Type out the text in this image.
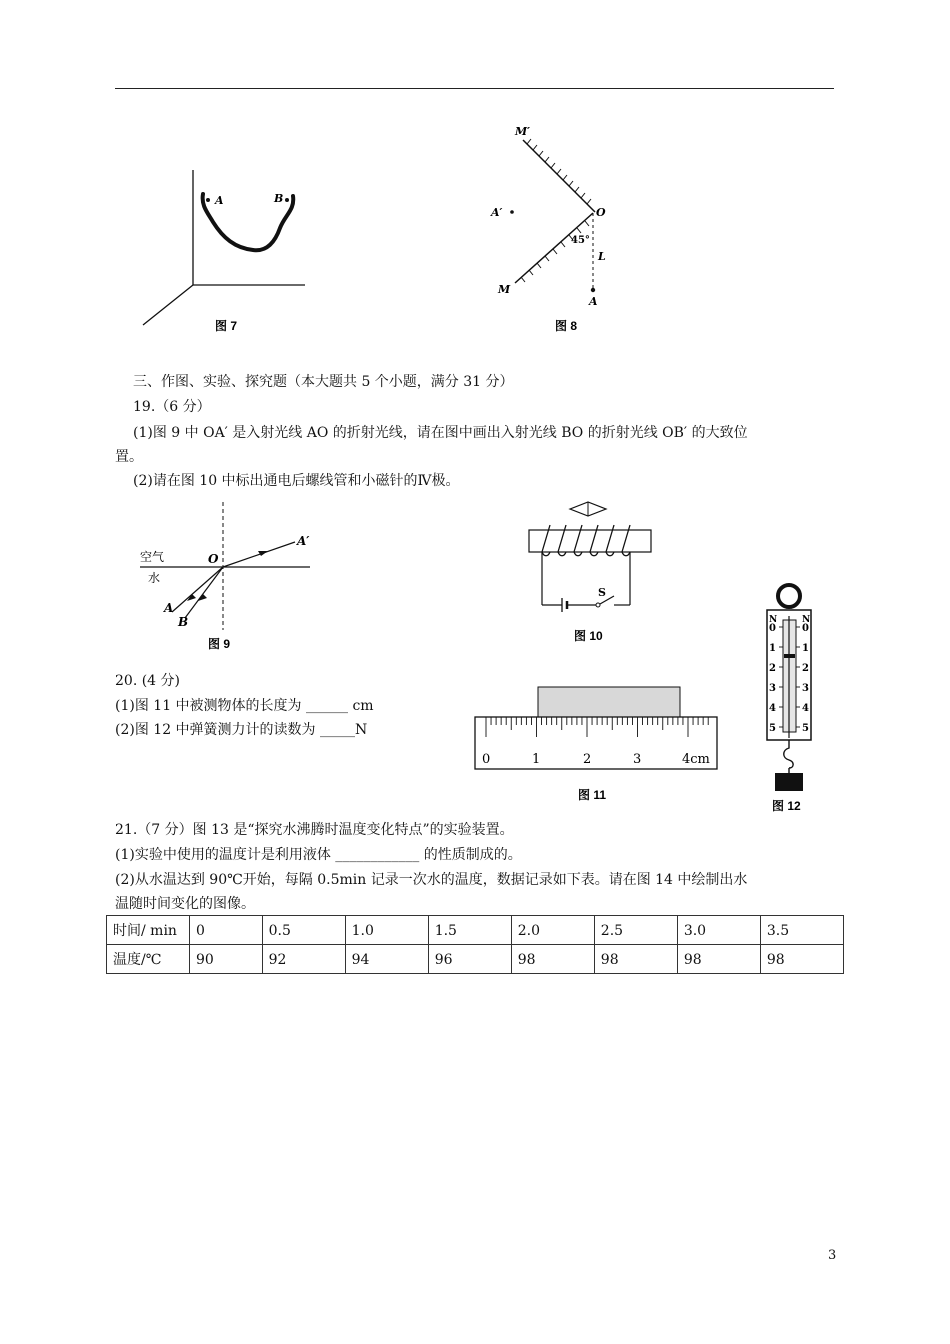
A	B
图 7
M′
M
A′	O
45°
L
A
图 8
三、作图、实验、探究题（本大题共 5 个小题，满分 31 分）
19.（6 分）
(1)图 9 中 OA′ 是入射光线 AO 的折射光线，请在图中画出入射光线 BO 的折射光线 OB′ 的大致位
置。
(2)请在图 10 中标出通电后螺线管和小磁针的Ⅳ极。
空气
水
O
A′
A
B
图 9
S
图 10
N	N
0
1
2
3
4
5
0
1
2
3
4
5
图 12
20. (4 分)
(1)图 11 中被测物体的长度为 ______ cm
(2)图 12 中弹簧测力计的读数为 _____N
0	1	2	3	4cm
图 11
21.（7 分）图 13 是“探究水沸腾时温度变化特点”的实验装置。
(1)实验中使用的温度计是利用液体 ____________ 的性质制成的。
(2)从水温达到 90℃开始，每隔 0.5min 记录一次水的温度，数据记录如下表。请在图 14 中绘制出水
温随时间变化的图像。
时间/ min	0	0.5	1.0	1.5	2.0	2.5	3.0	3.5
温度/℃	90	92	94	96	98	98	98	98
3
